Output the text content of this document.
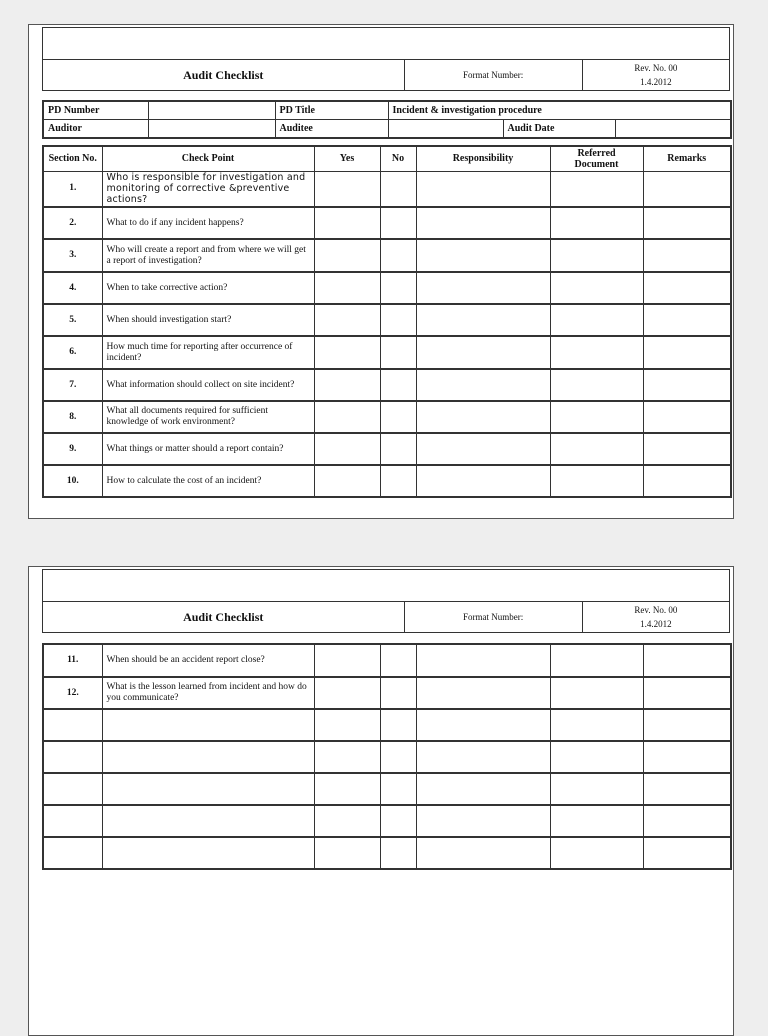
Audit Checklist	Format Number:	
Rev. No. 00
1.4.2012
PD Number		PD Title	Incident & investigation procedure		
Auditor		Auditee		Audit Date	
Section No.	Check Point	Yes	No	Responsibility	Referred Document	Remarks
1.	Who is responsible for investigation and monitoring of corrective &preventive actions?					
2.	What to do if any incident happens?					
3.	Who will create a report and from where we will get a report of investigation?					
4.	When to take corrective action?					
5.	When should investigation start?					
6.	How much time for reporting after occurrence of incident?					
7.	What information should collect on site incident?					
8.	What all documents required for sufficient knowledge of work environment?					
9.	What things or matter should a report contain?					
10.	How to calculate the cost of an incident?					

Audit Checklist	Format Number:	
Rev. No. 00
1.4.2012
11.	When should be an accident report close?					
12.	What is the lesson learned from incident and how do you communicate?					
